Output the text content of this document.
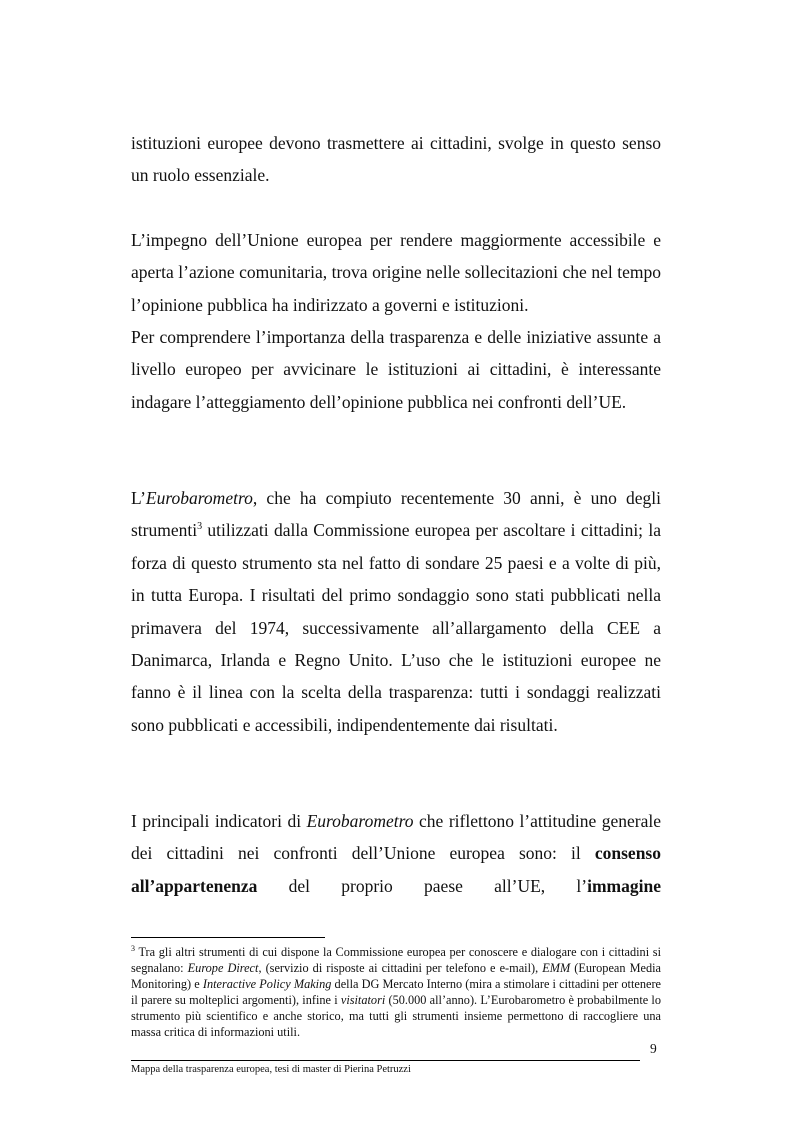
istituzioni europee devono trasmettere ai cittadini, svolge in questo senso un ruolo essenziale.

L’impegno dell’Unione europea per rendere maggiormente accessibile e aperta l’azione comunitaria, trova origine nelle sollecitazioni che nel tempo l’opinione pubblica ha indirizzato a governi e istituzioni.

Per comprendere l’importanza della trasparenza e delle iniziative assunte a livello europeo per avvicinare le istituzioni ai cittadini, è interessante indagare l’atteggiamento dell’opinione pubblica nei confronti dell’UE.

L’Eurobarometro, che ha compiuto recentemente 30 anni, è uno degli strumenti$^3$ utilizzati dalla Commissione europea per ascoltare i cittadini; la forza di questo strumento sta nel fatto di sondare 25 paesi e a volte di più, in tutta Europa. I risultati del primo sondaggio sono stati pubblicati nella primavera del 1974, successivamente all’allargamento della CEE a Danimarca, Irlanda e Regno Unito. L’uso che le istituzioni europee ne fanno è il linea con la scelta della trasparenza: tutti i sondaggi realizzati sono pubblicati e accessibili, indipendentemente dai risultati.

I principali indicatori di Eurobarometro che riflettono l’attitudine generale dei cittadini nei confronti dell’Unione europea sono: il consenso all’appartenenza del proprio paese all’UE, l’immagine

$^3$ Tra gli altri strumenti di cui dispone la Commissione europea per conoscere e dialogare con i cittadini si segnalano: Europe Direct, (servizio di risposte ai cittadini per telefono e e-mail), EMM (European Media Monitoring) e Interactive Policy Making della DG Mercato Interno (mira a stimolare i cittadini per ottenere il parere su molteplici argomenti), infine i visitatori (50.000 all’anno). L’Eurobarometro è probabilmente lo strumento più scientifico e anche storico, ma tutti gli strumenti insieme permettono di raccogliere una massa critica di informazioni utili.

9
Mappa della trasparenza europea, tesi di master di Pierina Petruzzi
